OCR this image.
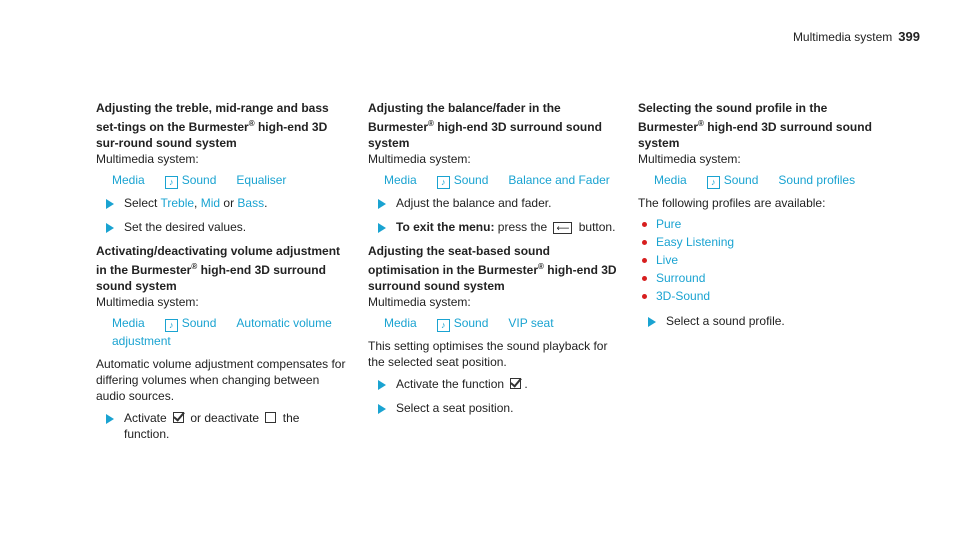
Multimedia system 399

Adjusting the treble, mid-range and bass set-tings on the Burmester® high-end 3D sur-round sound system

Multimedia system:

Media	♪ Sound Equaliser
Select Treble, Mid or Bass.
Set the desired values.

Activating/deactivating volume adjustment in the Burmester® high-end 3D surround sound system

Multimedia system:

Media	♪ Sound Automatic volume adjustment

Automatic volume adjustment compensates for differing volumes when changing between audio sources.

Activate  or deactivate  the function.

Adjusting the balance/fader in the Burmester® high-end 3D surround sound system

Multimedia system:

Media	♪ Sound Balance and Fader
Adjust the balance and fader.
To exit the menu: press the ⟵ button.

Adjusting the seat-based sound optimisation in the Burmester® high-end 3D surround sound system

Multimedia system:

Media	♪ Sound VIP seat

This setting optimises the sound playback for the selected seat position.

Activate the function .
Select a seat position.

Selecting the sound profile in the Burmester® high-end 3D surround sound system

Multimedia system:

Media	♪ Sound Sound profiles

The following profiles are available:

Pure
Easy Listening
Live
Surround
3D-Sound
Select a sound profile.
